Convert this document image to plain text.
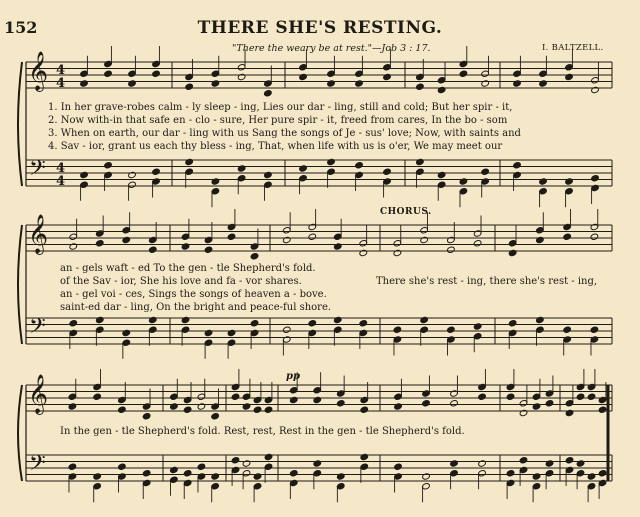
152	THERE SHE'S RESTING.
"There the weary be at rest."—Job 3 : 17.	I. BALTZELL.
𝄞
𝄢
4
4
4
4
𝄞
𝄢
𝄞
𝄢
1. In her grave-robes calm - ly sleep - ing, Lies our dar - ling, still and cold; But her spir - it,
2. Now with-in that safe en - clo - sure, Her pure spir - it, freed from cares, In the bo - som
3. When on earth, our dar - ling with us Sang the songs of Je - sus' love; Now, with saints and
4. Sav - ior, grant us each thy bless - ing, That, when life with us is o'er, We may meet our
CHORUS.
an - gels waft - ed To the gen - tle Shepherd's fold.
of the Sav - ior, She his love and fa - vor shares.
an - gel voi - ces, Sings the songs of heaven a - bove.
saint-ed dar - ling, On the bright and peace-ful shore.
There she's rest - ing, there she's rest - ing,
pp
In the gen - tle Shepherd's fold. Rest, rest, Rest in the gen - tle Shepherd's fold.
